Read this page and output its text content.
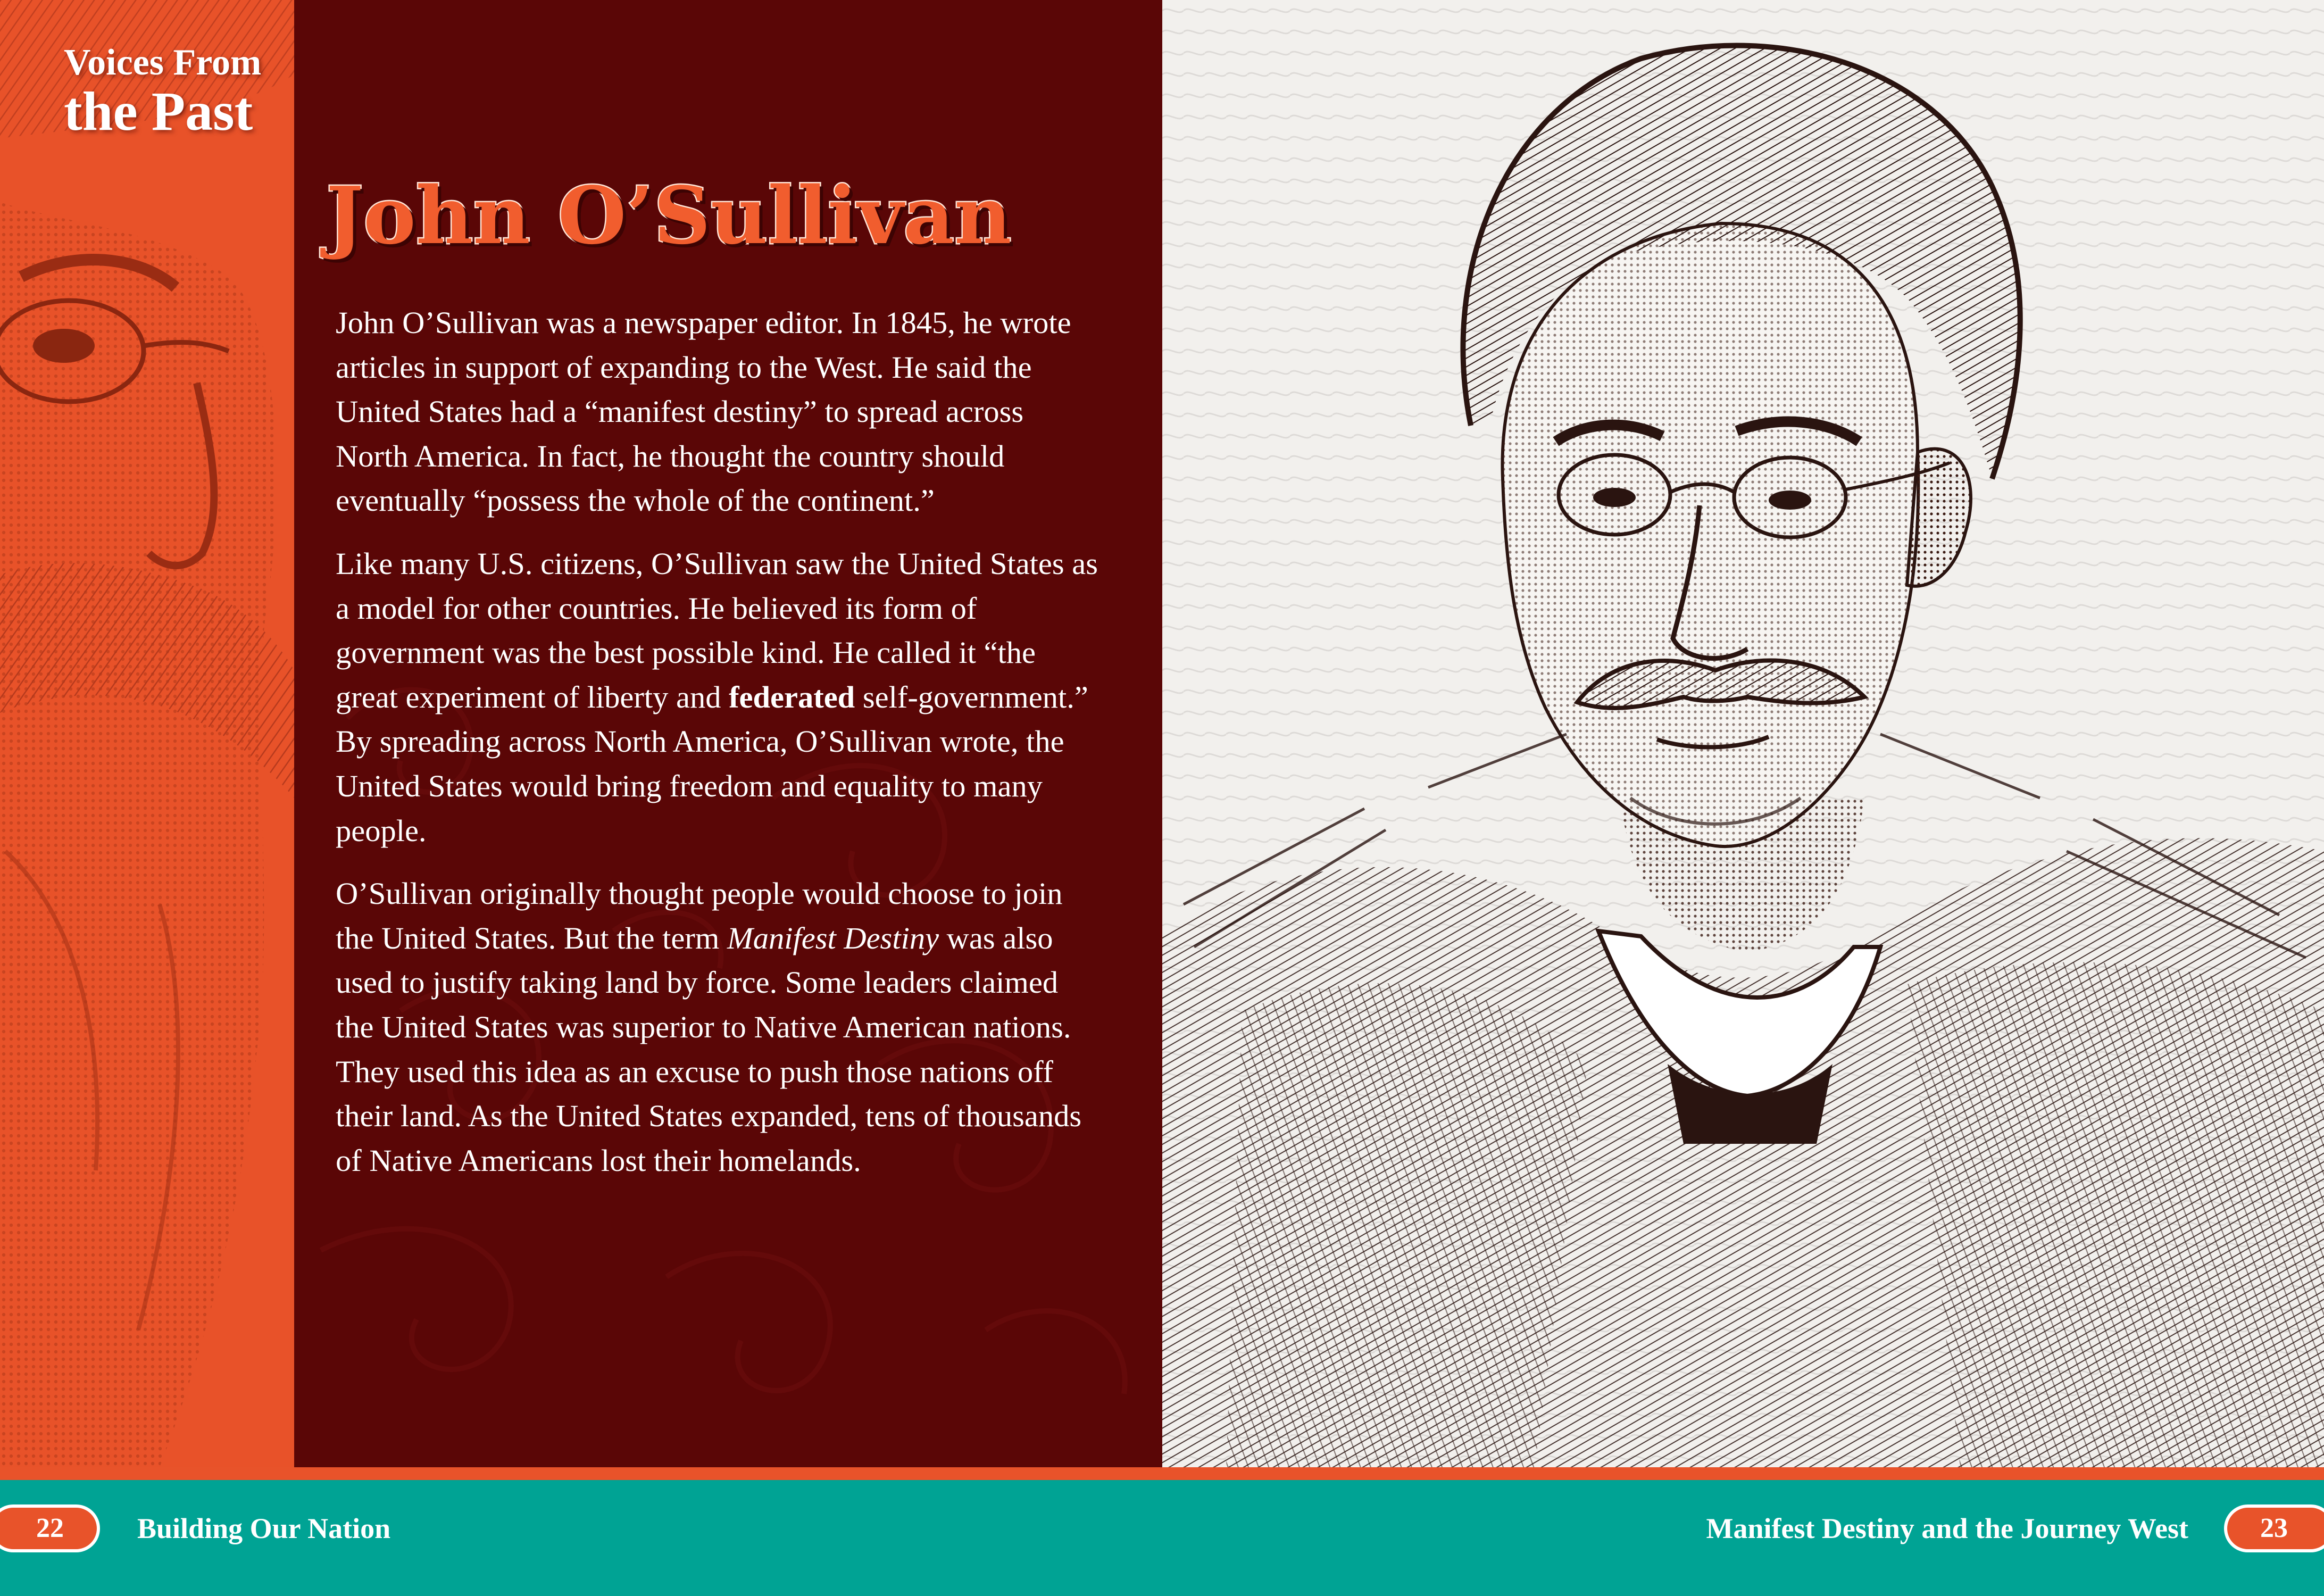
Voices From
the Past
John O’Sullivan

John O’Sullivan was a newspaper editor. In 1845, he wrote articles in support of expanding to the West. He said the United States had a “manifest destiny” to spread across North America. In fact, he thought the country should eventually “possess the whole of the continent.”

Like many U.S. citizens, O’Sullivan saw the United States as a model for other countries. He believed its form of government was the best possible kind. He called it “the great experiment of liberty and federated self-government.” By spreading across North America, O’Sullivan wrote, the United States would bring freedom and equality to many people.

O’Sullivan originally thought people would choose to join the United States. But the term Manifest Destiny was also used to justify taking land by force. Some leaders claimed the United States was superior to Native American nations. They used this idea as an excuse to push those nations off their land. As the United States expanded, tens of thousands of Native Americans lost their homelands.

22	Building Our Nation	Manifest Destiny and the Journey West	23
